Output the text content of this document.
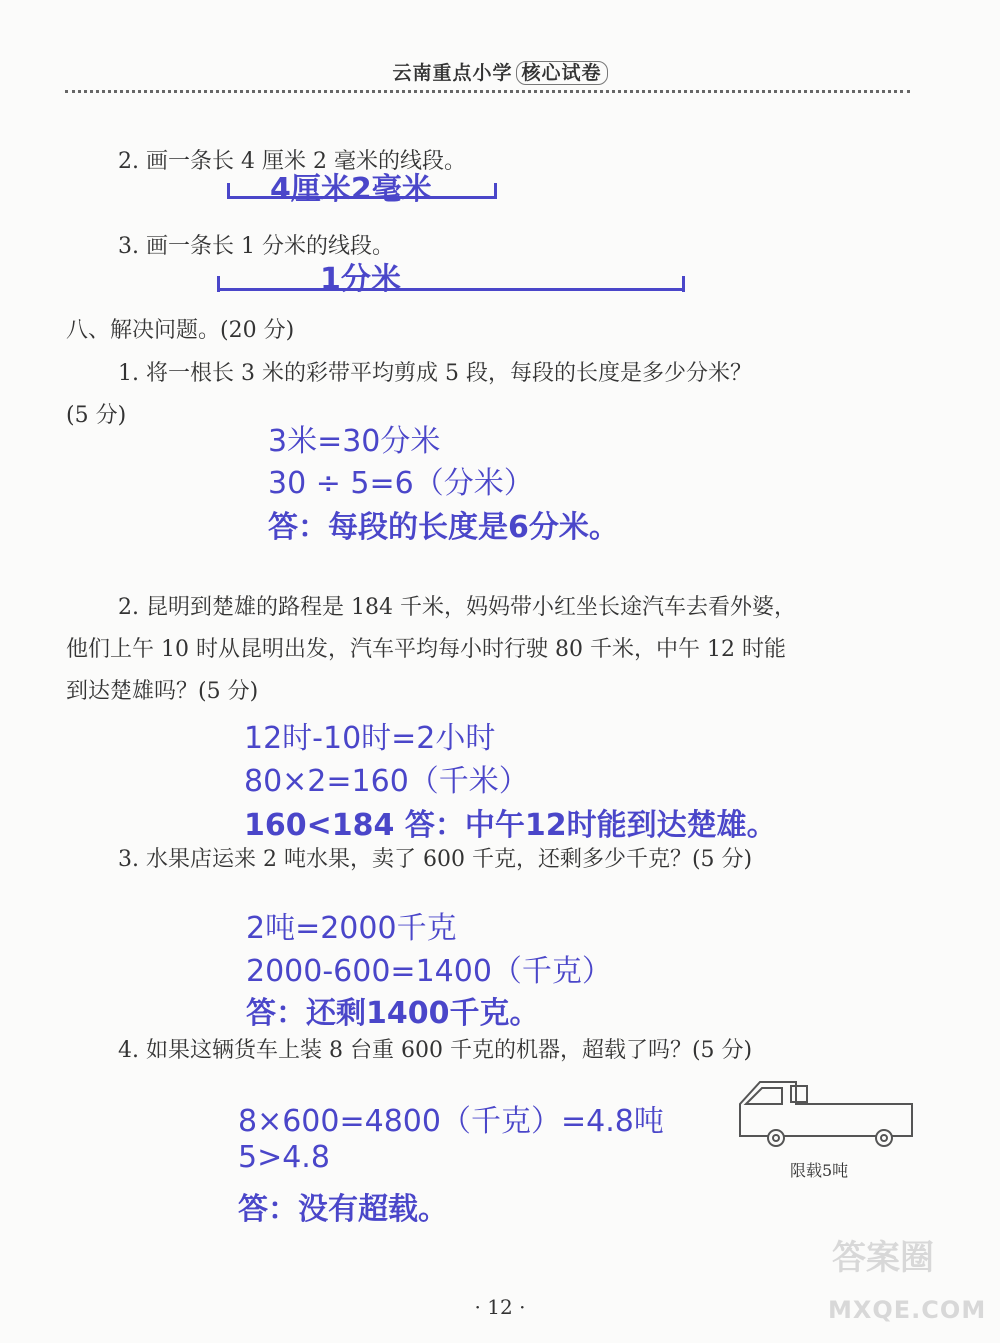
云南重点小学 核心试卷
2. 画一条长 4 厘米 2 毫米的线段。
4厘米2毫米
3. 画一条长 1 分米的线段。
1分米
八、解决问题。(20 分)
1. 将一根长 3 米的彩带平均剪成 5 段，每段的长度是多少分米？
(5 分)
3米=30分米
30 ÷ 5=6（分米）
答：每段的长度是6分米。
2. 昆明到楚雄的路程是 184 千米，妈妈带小红坐长途汽车去看外婆，
他们上午 10 时从昆明出发，汽车平均每小时行驶 80 千米，中午 12 时能
到达楚雄吗？(5 分)
12时-10时=2小时
80×2=160（千米）
160<184 答：中午12时能到达楚雄。
3. 水果店运来 2 吨水果，卖了 600 千克，还剩多少千克？(5 分)
2吨=2000千克
2000-600=1400（千克）
答：还剩1400千克。
4. 如果这辆货车上装 8 台重 600 千克的机器，超载了吗？(5 分)
8×600=4800（千克）=4.8吨
5>4.8
答：没有超载。
限载5吨
答案圈
MXQE.COM
· 12 ·
